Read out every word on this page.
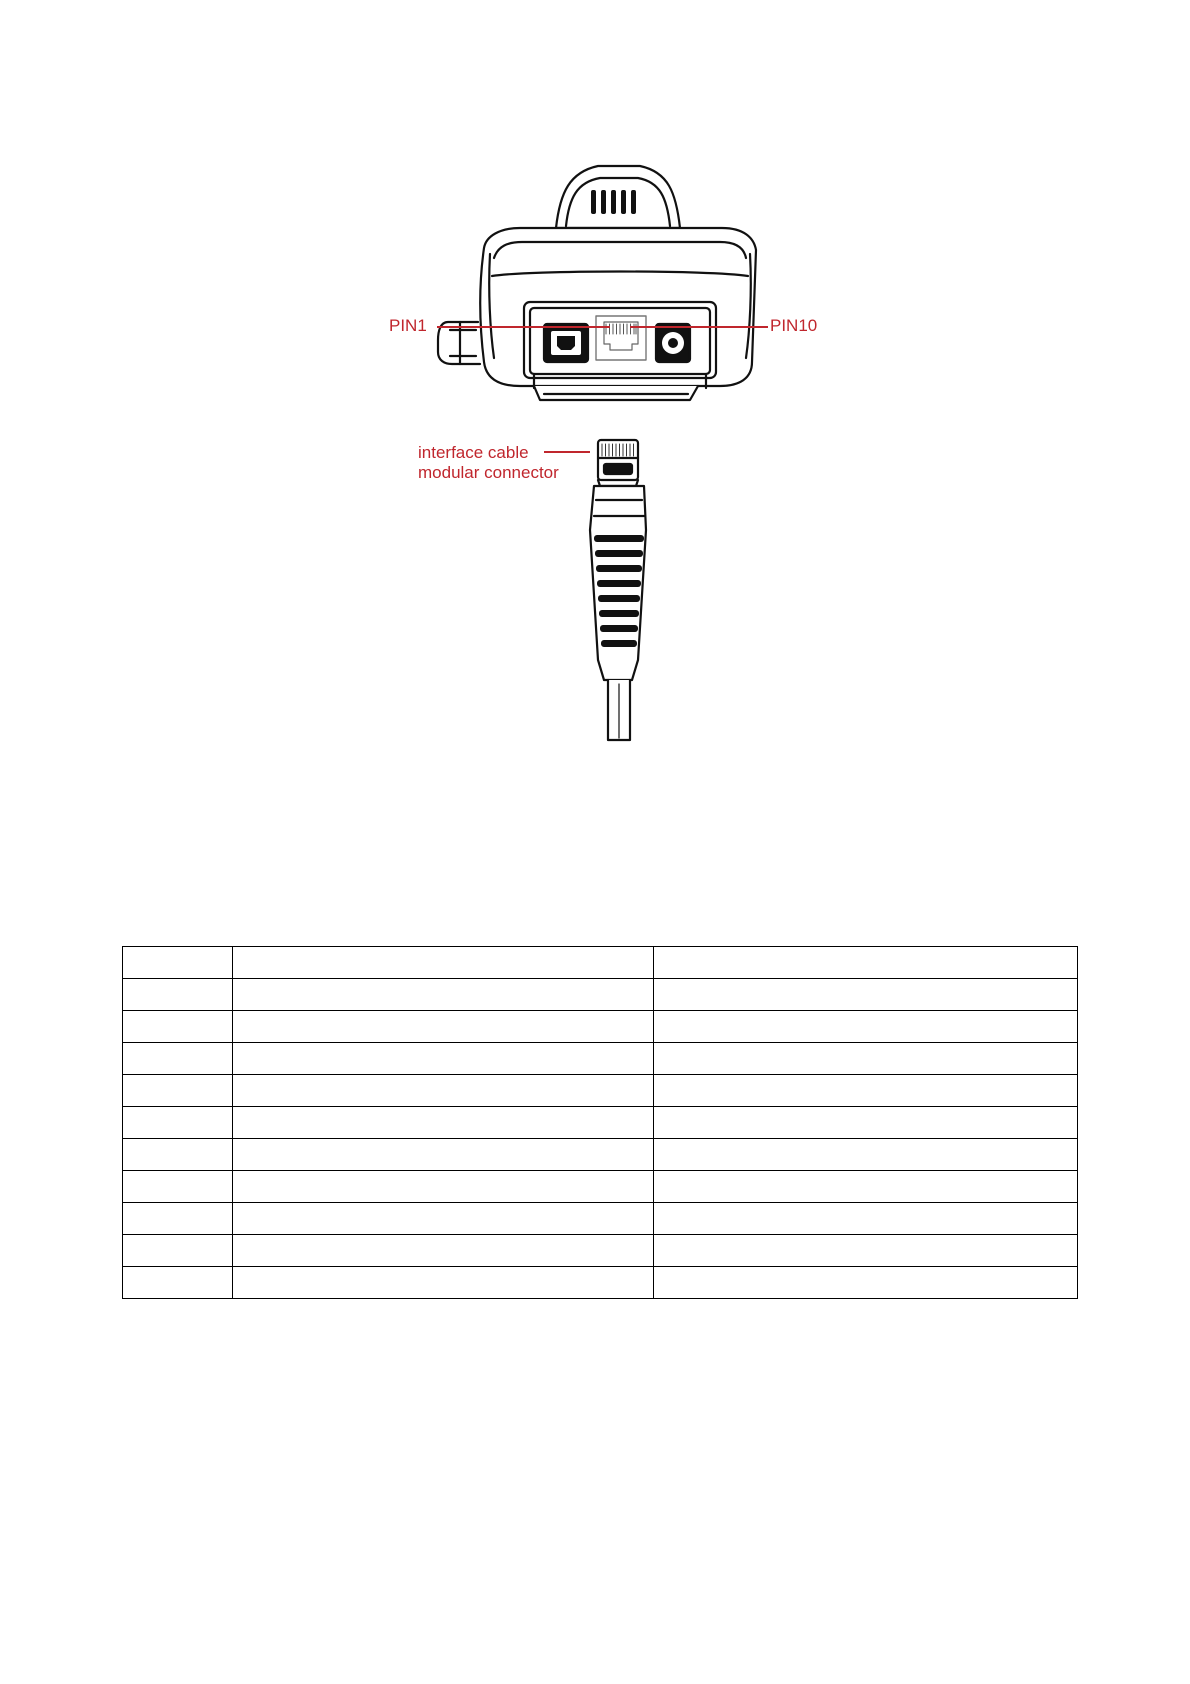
PIN1	PIN10
interface cable
modular connector
